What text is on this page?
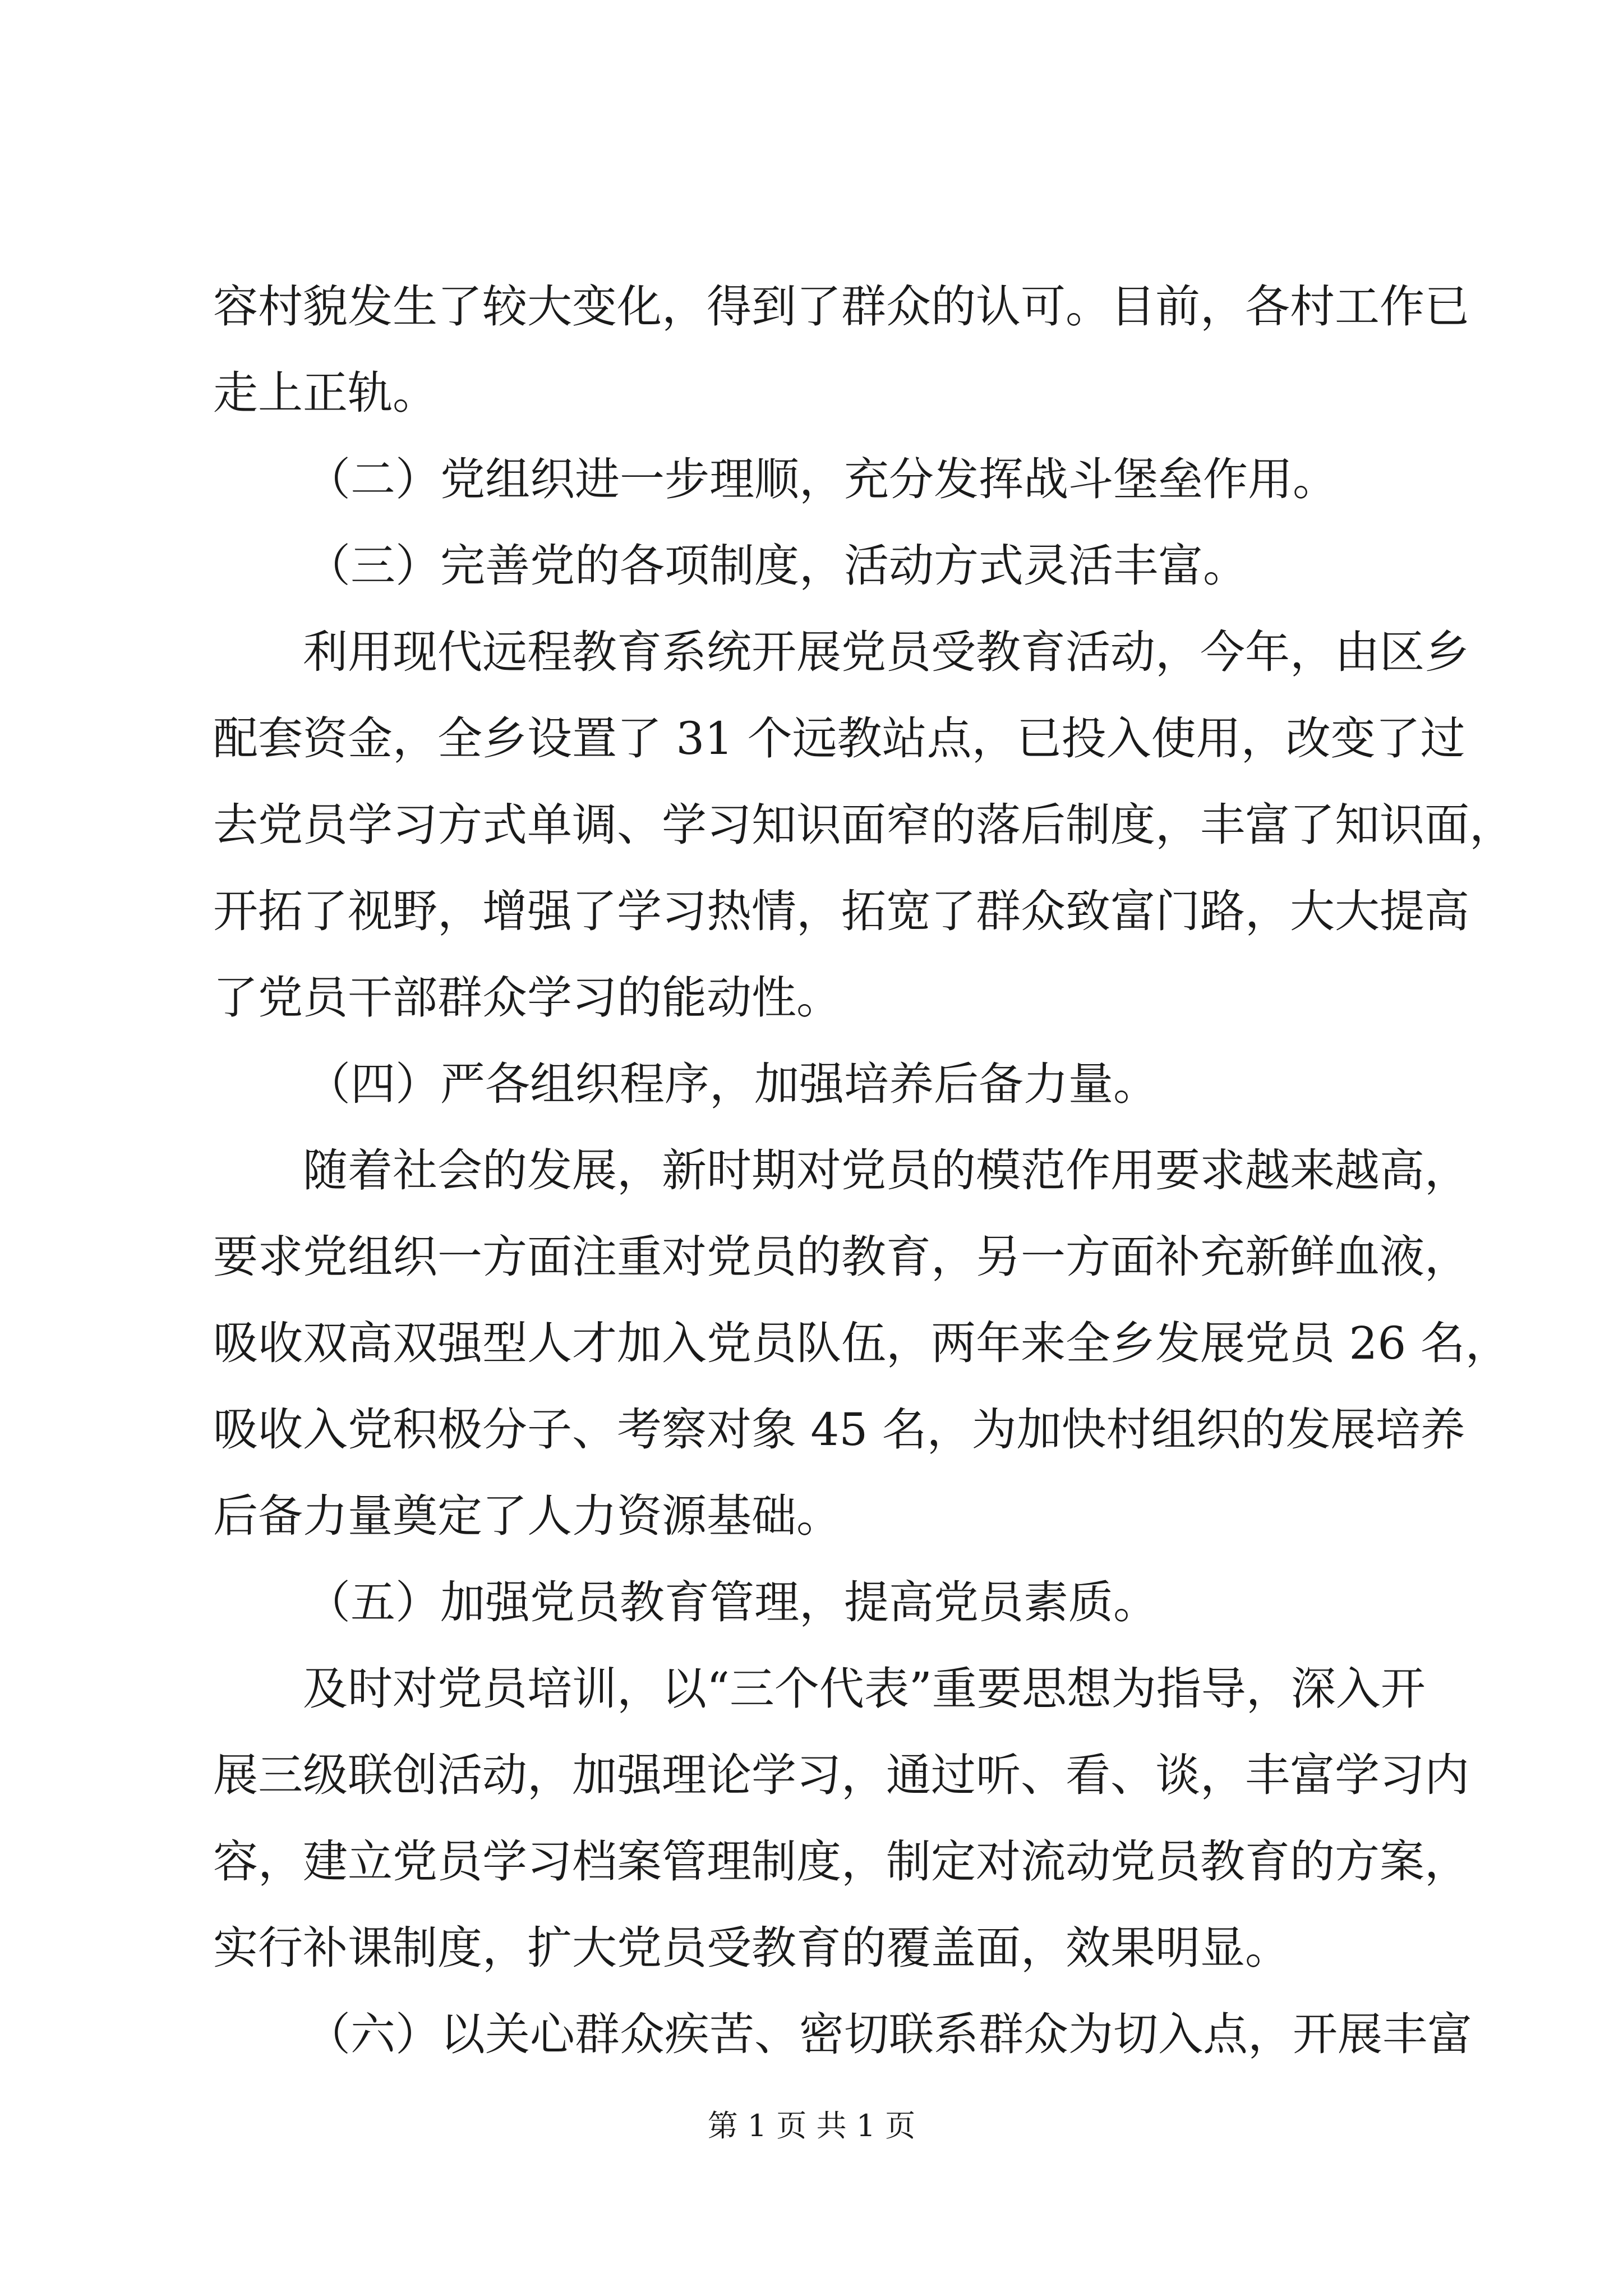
容村貌发生了较大变化，得到了群众的认可。目前，各村工作已
走上正轨。
（二）党组织进一步理顺，充分发挥战斗堡垒作用。
（三）完善党的各项制度，活动方式灵活丰富。
利用现代远程教育系统开展党员受教育活动，今年，由区乡
配套资金，全乡设置了 31 个远教站点，已投入使用，改变了过
去党员学习方式单调、学习知识面窄的落后制度，丰富了知识面，
开拓了视野，增强了学习热情，拓宽了群众致富门路，大大提高
了党员干部群众学习的能动性。
（四）严各组织程序，加强培养后备力量。
随着社会的发展，新时期对党员的模范作用要求越来越高，
要求党组织一方面注重对党员的教育，另一方面补充新鲜血液，
吸收双高双强型人才加入党员队伍，两年来全乡发展党员 26 名，
吸收入党积极分子、考察对象 45 名，为加快村组织的发展培养
后备力量奠定了人力资源基础。
（五）加强党员教育管理，提高党员素质。
及时对党员培训，以“三个代表”重要思想为指导，深入开
展三级联创活动，加强理论学习，通过听、看、谈，丰富学习内
容，建立党员学习档案管理制度，制定对流动党员教育的方案，
实行补课制度，扩大党员受教育的覆盖面，效果明显。
（六）以关心群众疾苦、密切联系群众为切入点，开展丰富
第 1 页 共 1 页
